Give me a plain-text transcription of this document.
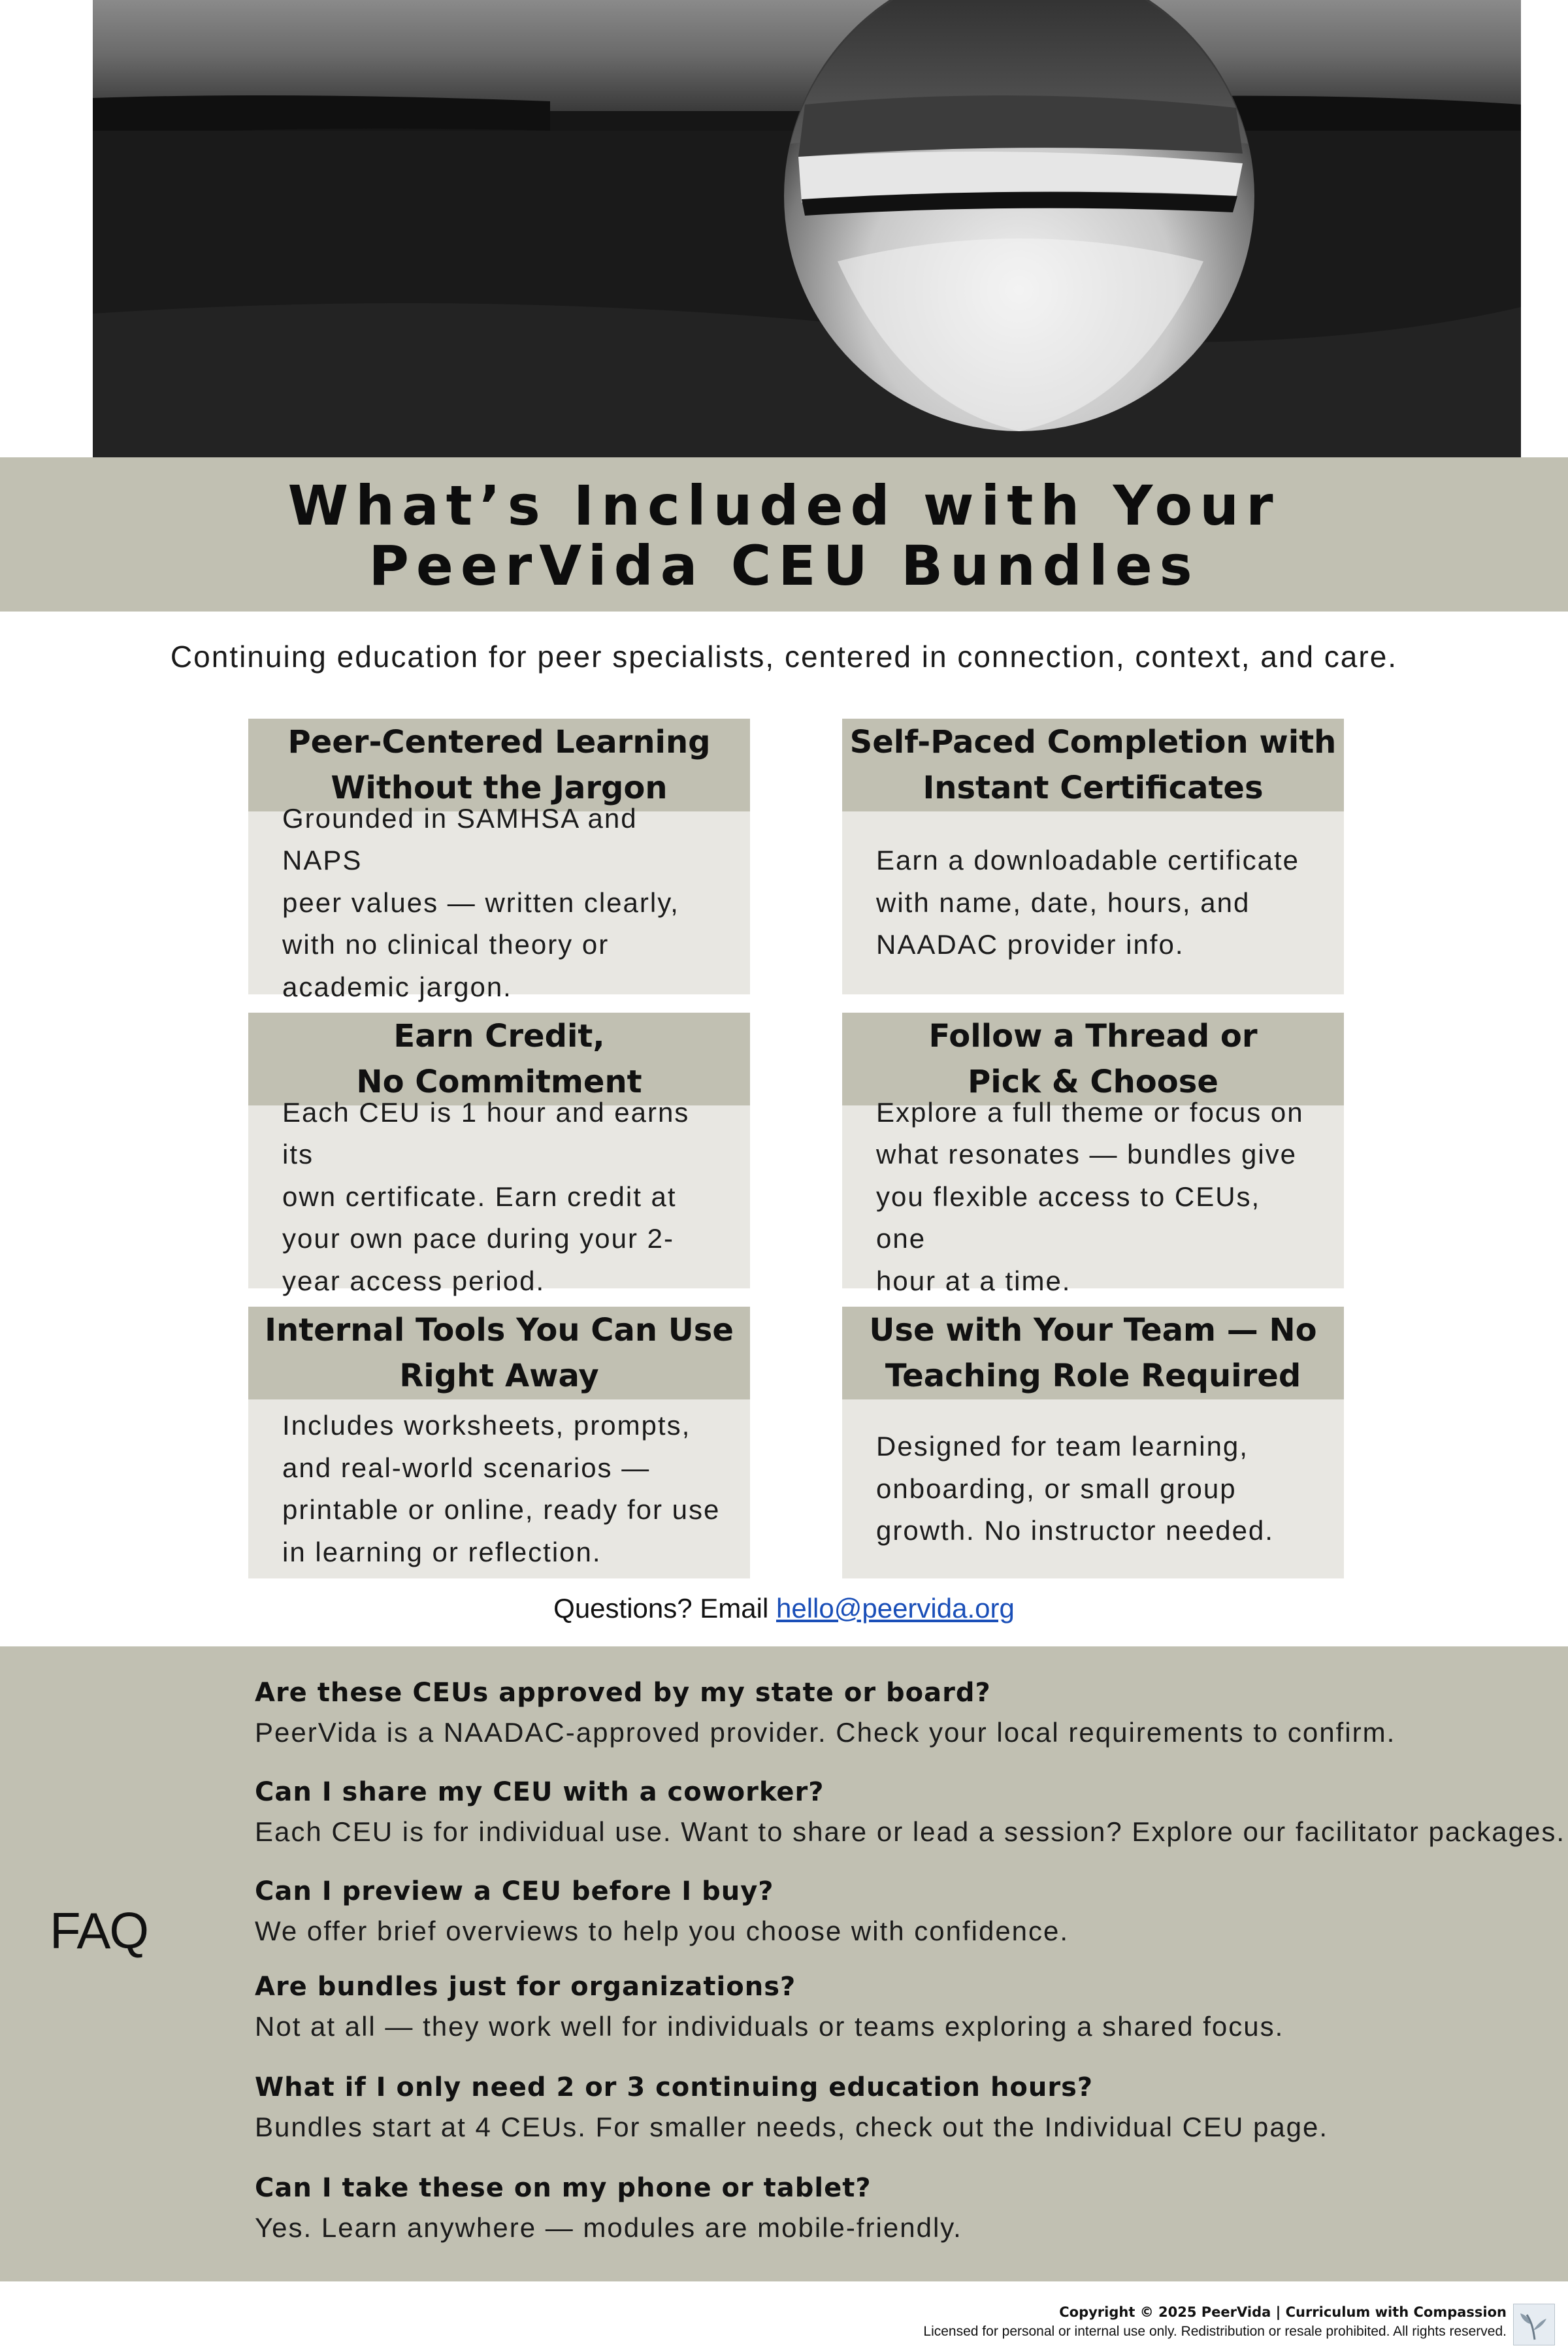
What’s Included with Your
PeerVida CEU Bundles
Continuing education for peer specialists, centered in connection, context, and care.
Peer-Centered Learning
Without the Jargon
Grounded in SAMHSA and NAPS
peer values — written clearly,
with no clinical theory or
academic jargon.
Self-Paced Completion with
Instant Certificates
Earn a downloadable certificate
with name, date, hours, and
NAADAC provider info.
Earn Credit,
No Commitment
Each CEU is 1 hour and earns its
own certificate. Earn credit at
your own pace during your 2-
year access period.
Follow a Thread or
Pick & Choose
Explore a full theme or focus on
what resonates — bundles give
you flexible access to CEUs, one
hour at a time.
Internal Tools You Can Use
Right Away
Includes worksheets, prompts,
and real-world scenarios —
printable or online, ready for use
in learning or reflection.
Use with Your Team — No
Teaching Role Required
Designed for team learning,
onboarding, or small group
growth. No instructor needed.
Questions? Email hello@peervida.org
FAQ
Are these CEUs approved by my state or board?
PeerVida is a NAADAC-approved provider. Check your local requirements to confirm.
Can I share my CEU with a coworker?
Each CEU is for individual use. Want to share or lead a session? Explore our facilitator packages.
Can I preview a CEU before I buy?
We offer brief overviews to help you choose with confidence.
Are bundles just for organizations?
Not at all — they work well for individuals or teams exploring a shared focus.
What if I only need 2 or 3 continuing education hours?
Bundles start at 4 CEUs. For smaller needs, check out the Individual CEU page.
Can I take these on my phone or tablet?
Yes. Learn anywhere — modules are mobile-friendly.
Copyright © 2025 PeerVida | Curriculum with Compassion
Licensed for personal or internal use only. Redistribution or resale prohibited. All rights reserved.
